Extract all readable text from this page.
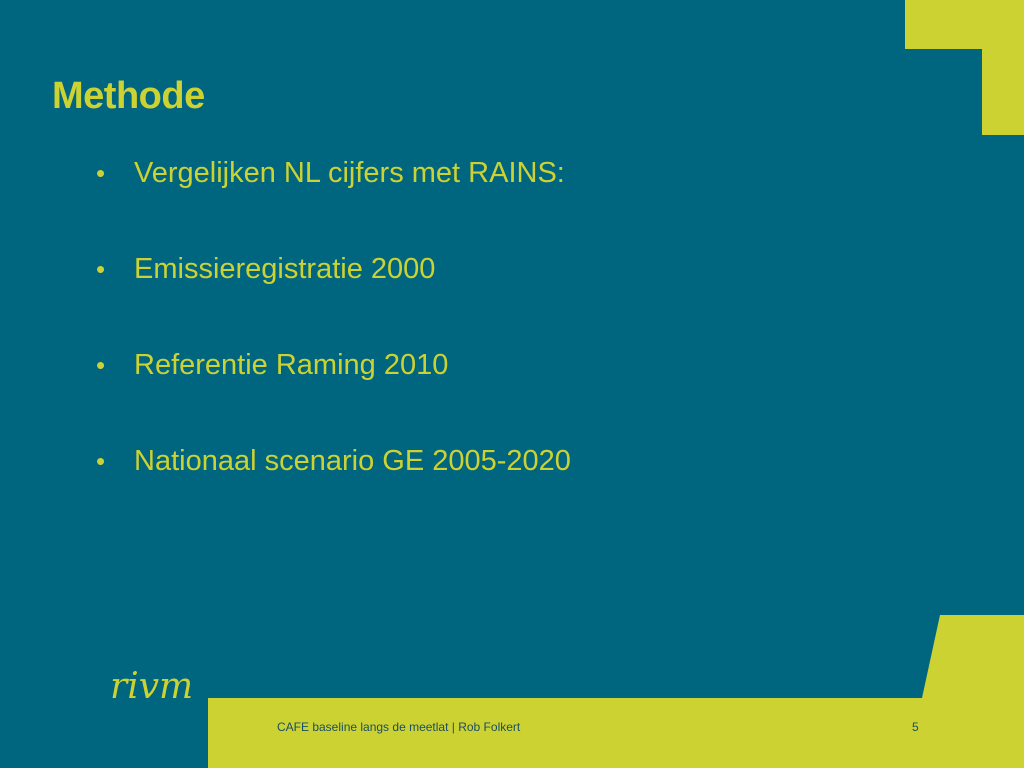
Methode
• Vergelijken NL cijfers met RAINS:
• Emissieregistratie 2000
• Referentie Raming 2010
• Nationaal scenario GE 2005-2020
rivm
CAFE baseline langs de meetlat | Rob Folkert	5
